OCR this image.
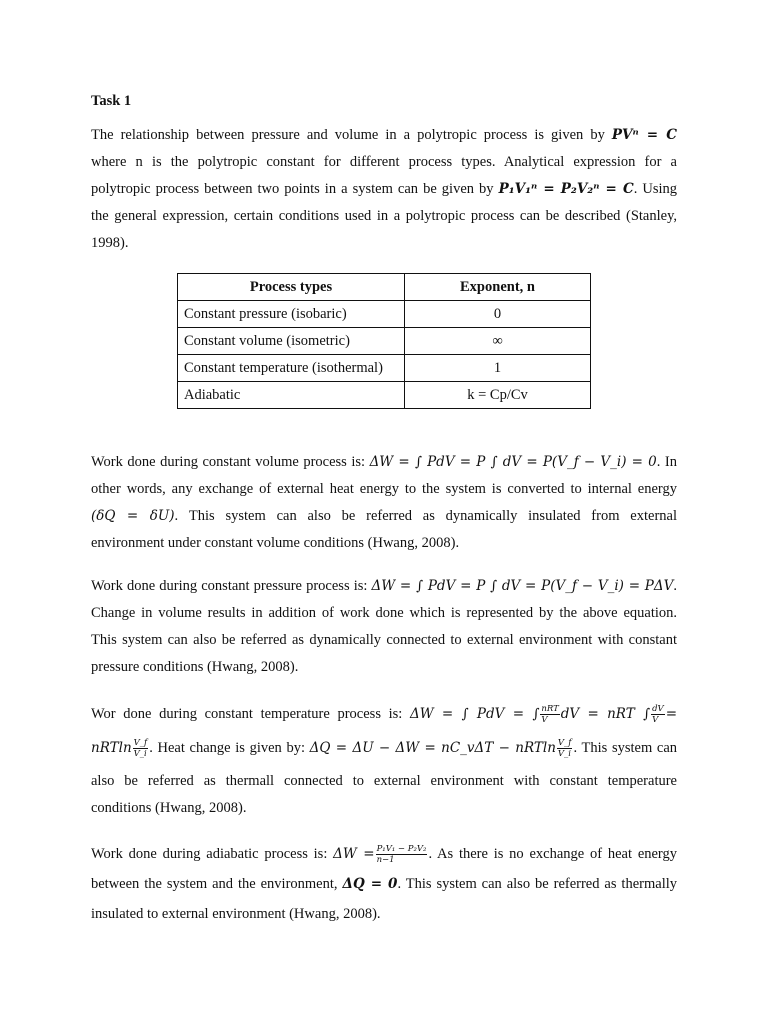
Task 1
The relationship between pressure and volume in a polytropic process is given by PVⁿ = C
where n is the polytropic constant for different process types. Analytical expression for a
polytropic process between two points in a system can be given by P₁V₁ⁿ = P₂V₂ⁿ = C. Using
the general expression, certain conditions used in a polytropic process can be described (Stanley,
1998).
Process types	Exponent, n
Constant pressure (isobaric)	0
Constant volume (isometric)	∞
Constant temperature (isothermal)	1
Adiabatic	k = Cp/Cv
Work done during constant volume process is: ΔW = ∫ PdV = P ∫ dV = P(V_f − V_i) = 0. In
other words, any exchange of external heat energy to the system is converted to internal energy
(δQ = δU). This system can also be referred as dynamically insulated from external
environment under constant volume conditions (Hwang, 2008).
Work done during constant pressure process is: ΔW = ∫ PdV = P ∫ dV = P(V_f − V_i) = PΔV.
Change in volume results in addition of work done which is represented by the above equation.
This system can also be referred as dynamically connected to external environment with constant
pressure conditions (Hwang, 2008).
Wor done during constant temperature process is: ΔW = ∫ PdV = ∫ $\frac{\text{nRT}}{V}$ dV = nRT ∫ $\frac{dV}{V}$ =
nRTln $\frac{V\_f}{V\_i}$ . Heat change is given by: ΔQ = ΔU − ΔW = nC_vΔT − nRTln $\frac{V\_f}{V\_i}$ . This system can
also be referred as thermall connected to external environment with constant temperature
conditions (Hwang, 2008).
Work done during adiabatic process is: $\Delta W = \frac{\text{P₁V₁ − P₂V₂}}{n-1}$ . As there is no exchange of heat energy
between the system and the environment, ΔQ = 0. This system can also be referred as thermally
insulated to external environment (Hwang, 2008).
